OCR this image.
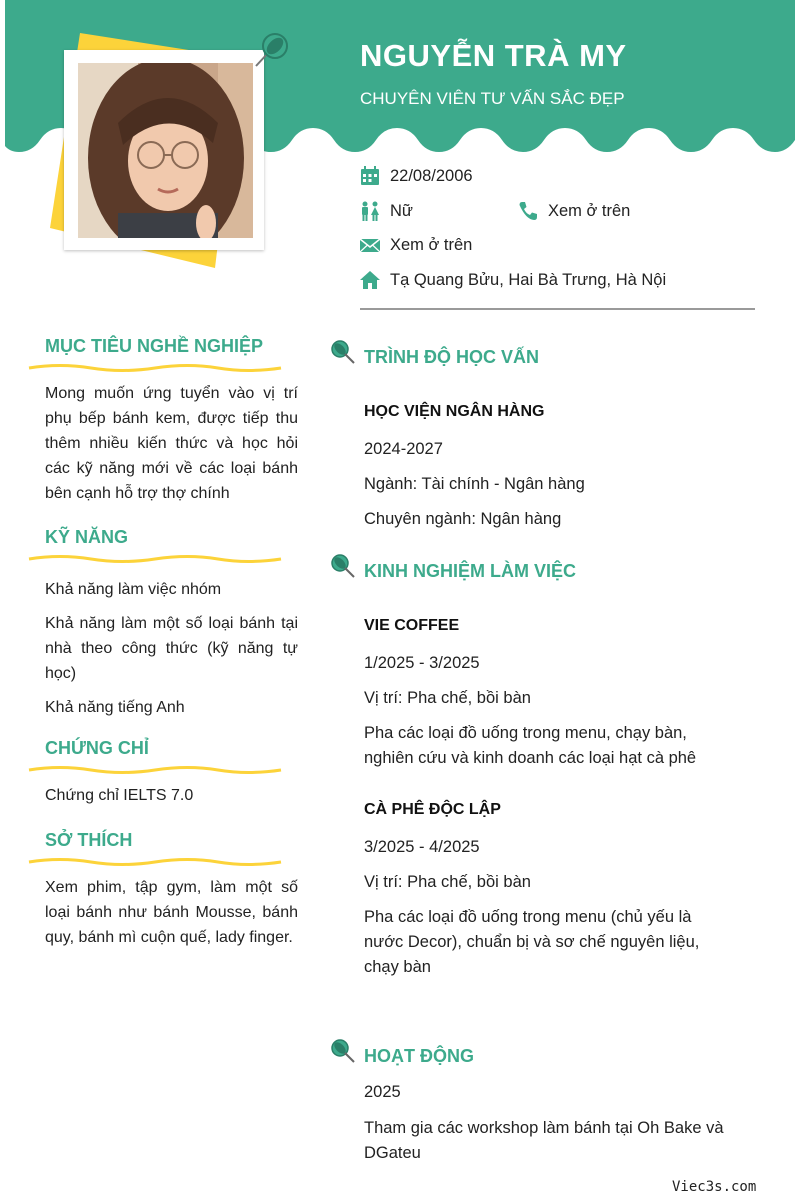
NGUYỄN TRÀ MY
CHUYÊN VIÊN TƯ VẤN SẮC ĐẸP
22/08/2006
Nữ	Xem ở trên
Xem ở trên
Tạ Quang Bửu, Hai Bà Trưng, Hà Nội
MỤC TIÊU NGHỀ NGHIỆP
Mong muốn ứng tuyển vào vị trí phụ bếp bánh kem, được tiếp thu thêm nhiều kiến thức và học hỏi các kỹ năng mới về các loại bánh bên cạnh hỗ trợ thợ chính
KỸ NĂNG
Khả năng làm việc nhóm
Khả năng làm một số loại bánh tại nhà theo công thức (kỹ năng tự học)
Khả năng tiếng Anh
CHỨNG CHỈ
Chứng chỉ IELTS 7.0
SỞ THÍCH
Xem phim, tập gym, làm một số loại bánh như bánh Mousse, bánh quy, bánh mì cuộn quế, lady finger.
TRÌNH ĐỘ HỌC VẤN
HỌC VIỆN NGÂN HÀNG
2024-2027
Ngành: Tài chính - Ngân hàng
Chuyên ngành: Ngân hàng
KINH NGHIỆM LÀM VIỆC
VIE COFFEE
1/2025 - 3/2025
Vị trí: Pha chế, bồi bàn
Pha các loại đồ uống trong menu, chạy bàn, nghiên cứu và kinh doanh các loại hạt cà phê
CÀ PHÊ ĐỘC LẬP
3/2025 - 4/2025
Vị trí: Pha chế, bồi bàn
Pha các loại đồ uống trong menu (chủ yếu là nước Decor), chuẩn bị và sơ chế nguyên liệu, chạy bàn
HOẠT ĐỘNG
2025
Tham gia các workshop làm bánh tại Oh Bake và DGateu
Viec3s.com
